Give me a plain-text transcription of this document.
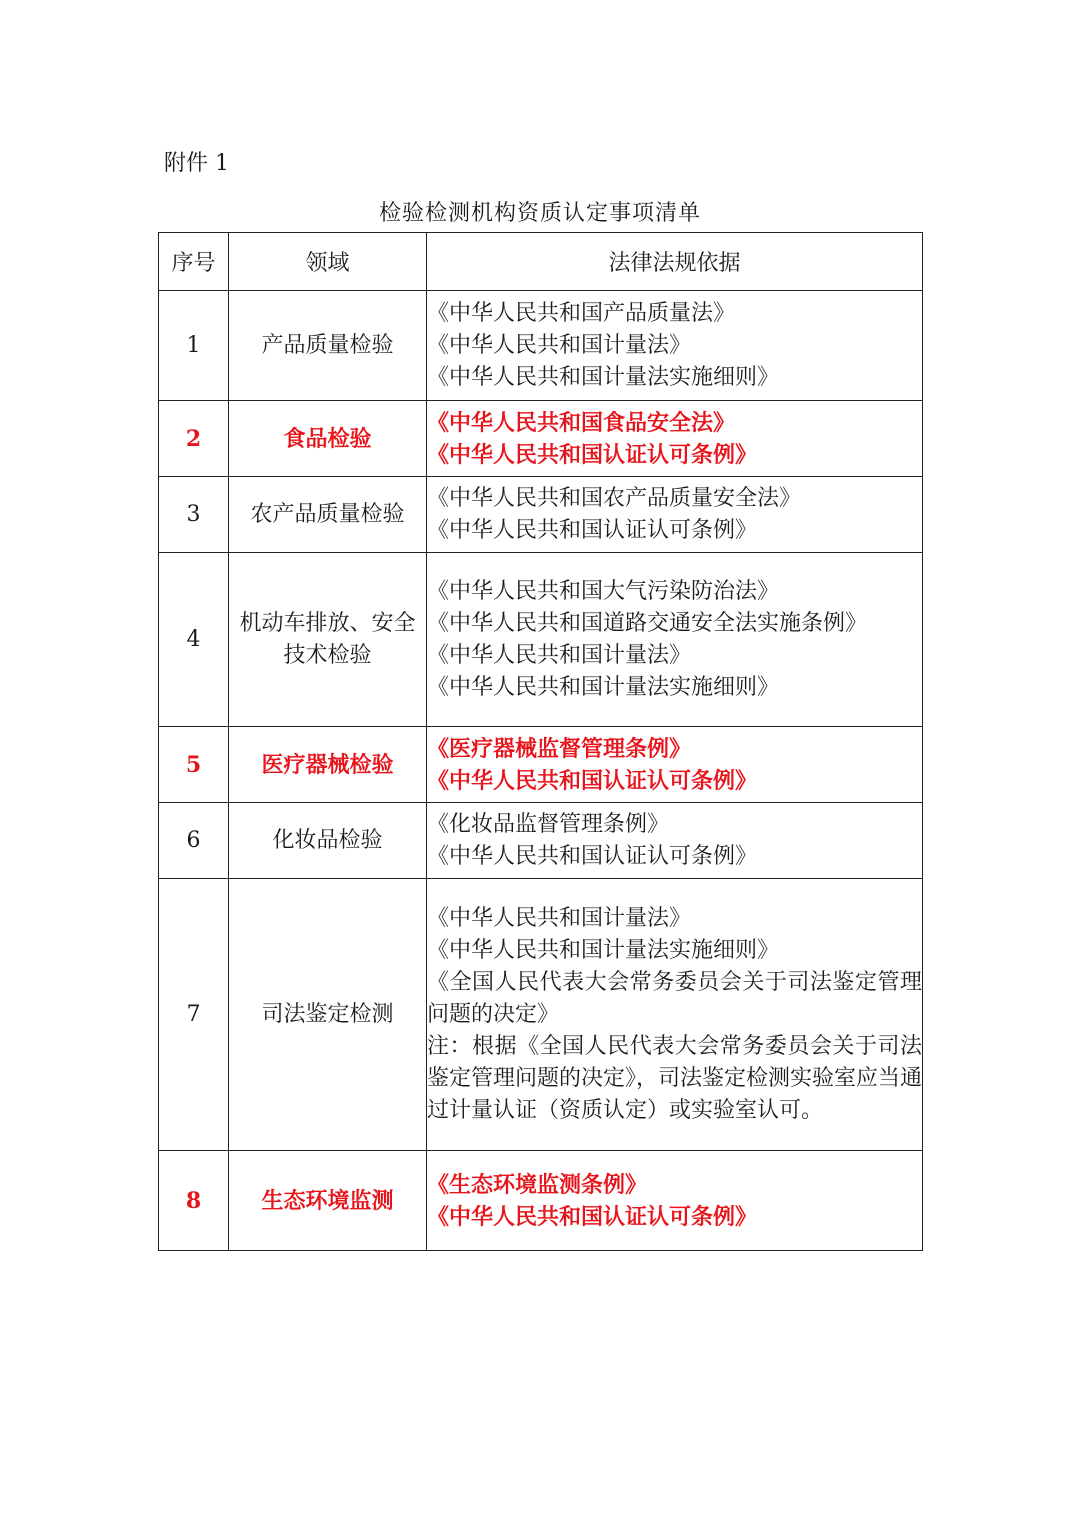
附件 1
检验检测机构资质认定事项清单
序号	领域	法律法规依据
1	产品质量检验	《中华人民共和国产品质量法》
《中华人民共和国计量法》
《中华人民共和国计量法实施细则》

2	食品检验	《中华人民共和国食品安全法》
《中华人民共和国认证认可条例》

3	农产品质量检验	《中华人民共和国农产品质量安全法》
《中华人民共和国认证认可条例》

4	机动车排放、安全技术检验	《中华人民共和国大气污染防治法》
《中华人民共和国道路交通安全法实施条例》
《中华人民共和国计量法》
《中华人民共和国计量法实施细则》

5	医疗器械检验	《医疗器械监督管理条例》
《中华人民共和国认证认可条例》

6	化妆品检验	《化妆品监督管理条例》
《中华人民共和国认证认可条例》

7	司法鉴定检测	《中华人民共和国计量法》
《中华人民共和国计量法实施细则》
《全国人民代表大会常务委员会关于司法鉴定管理问题的决定》
注：根据《全国人民代表大会常务委员会关于司法鉴定管理问题的决定》，司法鉴定检测实验室应当通过计量认证（资质认定）或实验室认可。

8	生态环境监测	《生态环境监测条例》
《中华人民共和国认证认可条例》
